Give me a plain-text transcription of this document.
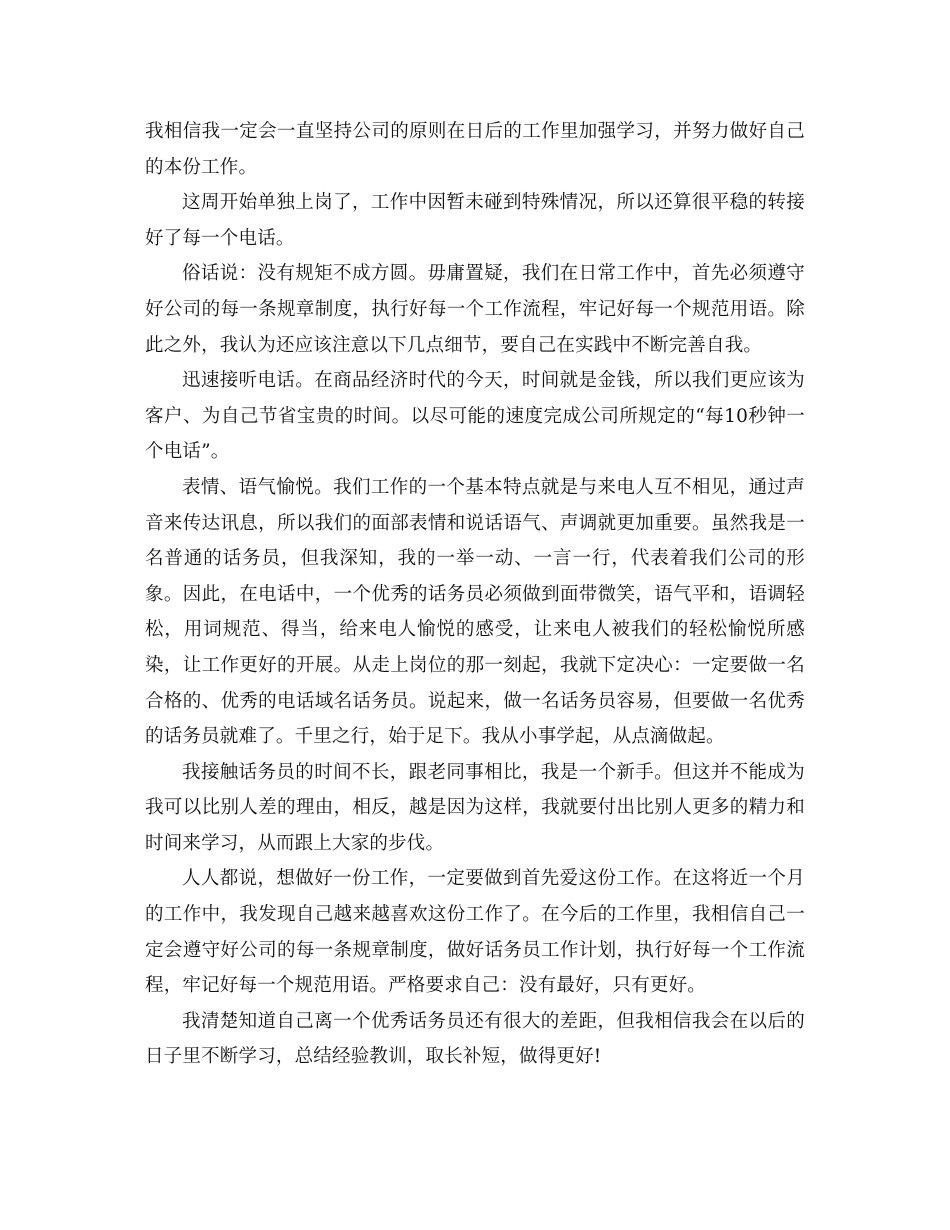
我相信我一定会一直坚持公司的原则在日后的工作里加强学习，并努力做好自己的本份工作。

这周开始单独上岗了，工作中因暂未碰到特殊情况，所以还算很平稳的转接好了每一个电话。

俗话说：没有规矩不成方圆。毋庸置疑，我们在日常工作中，首先必须遵守好公司的每一条规章制度，执行好每一个工作流程，牢记好每一个规范用语。除此之外，我认为还应该注意以下几点细节，要自己在实践中不断完善自我。

迅速接听电话。在商品经济时代的今天，时间就是金钱，所以我们更应该为客户、为自己节省宝贵的时间。以尽可能的速度完成公司所规定的“每10秒钟一个电话”。

表情、语气愉悦。我们工作的一个基本特点就是与来电人互不相见，通过声音来传达讯息，所以我们的面部表情和说话语气、声调就更加重要。虽然我是一名普通的话务员，但我深知，我的一举一动、一言一行，代表着我们公司的形象。因此，在电话中，一个优秀的话务员必须做到面带微笑，语气平和，语调轻松，用词规范、得当，给来电人愉悦的感受，让来电人被我们的轻松愉悦所感染，让工作更好的开展。从走上岗位的那一刻起，我就下定决心：一定要做一名合格的、优秀的电话域名话务员。说起来，做一名话务员容易，但要做一名优秀的话务员就难了。千里之行，始于足下。我从小事学起，从点滴做起。

我接触话务员的时间不长，跟老同事相比，我是一个新手。但这并不能成为我可以比别人差的理由，相反，越是因为这样，我就要付出比别人更多的精力和时间来学习，从而跟上大家的步伐。

人人都说，想做好一份工作，一定要做到首先爱这份工作。在这将近一个月的工作中，我发现自己越来越喜欢这份工作了。在今后的工作里，我相信自己一定会遵守好公司的每一条规章制度，做好话务员工作计划，执行好每一个工作流程，牢记好每一个规范用语。严格要求自己：没有最好，只有更好。

我清楚知道自己离一个优秀话务员还有很大的差距，但我相信我会在以后的日子里不断学习，总结经验教训，取长补短，做得更好!
